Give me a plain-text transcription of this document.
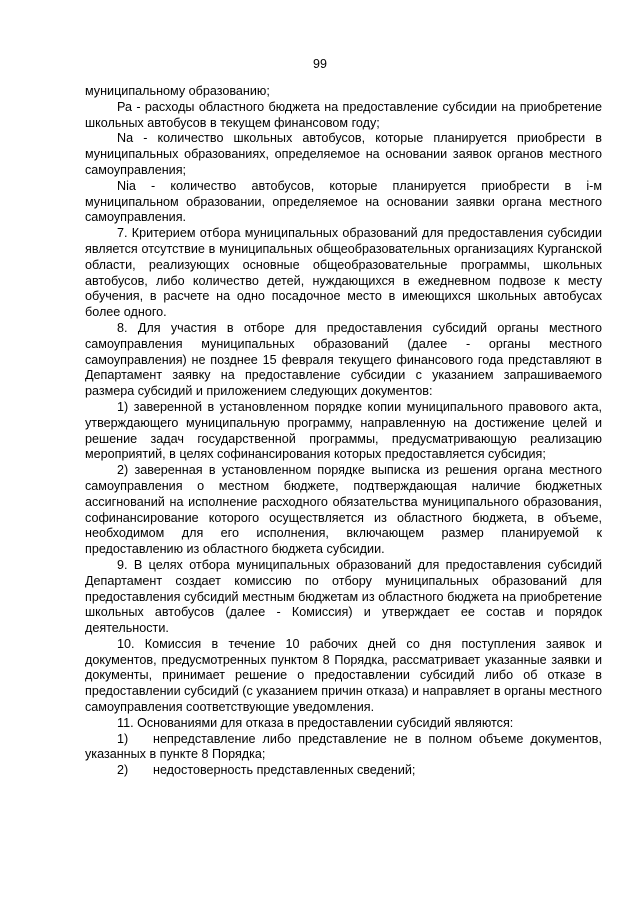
99

муниципальному образованию;

Ра - расходы областного бюджета на предоставление субсидии на приобретение школьных автобусов в текущем финансовом году;

Na - количество школьных автобусов, которые планируется приобрести в муниципальных образованиях, определяемое на основании заявок органов местного самоуправления;

Nia - количество автобусов, которые планируется приобрести в i-м муниципальном образовании, определяемое на основании заявки органа местного самоуправления.

7. Критерием отбора муниципальных образований для предоставления субсидии является отсутствие в муниципальных общеобразовательных организациях Курганской области, реализующих основные общеобразовательные программы, школьных автобусов, либо количество детей, нуждающихся в ежедневном подвозе к месту обучения, в расчете на одно посадочное место в имеющихся школьных автобусах более одного.

8. Для участия в отборе для предоставления субсидий органы местного самоуправления муниципальных образований (далее - органы местного самоуправления) не позднее 15 февраля текущего финансового года представляют в Департамент заявку на предоставление субсидии с указанием запрашиваемого размера субсидий и приложением следующих документов:

1) заверенной в установленном порядке копии муниципального правового акта, утверждающего муниципальную программу, направленную на достижение целей и решение задач государственной программы, предусматривающую реализацию мероприятий, в целях софинансирования которых предоставляется субсидия;

2) заверенная в установленном порядке выписка из решения органа местного самоуправления о местном бюджете, подтверждающая наличие бюджетных ассигнований на исполнение расходного обязательства муниципального образования, софинансирование которого осуществляется из областного бюджета, в объеме, необходимом для его исполнения, включающем размер планируемой к предоставлению из областного бюджета субсидии.

9. В целях отбора муниципальных образований для предоставления субсидий Департамент создает комиссию по отбору муниципальных образований для предоставления субсидий местным бюджетам из областного бюджета на приобретение школьных автобусов (далее - Комиссия) и утверждает ее состав и порядок деятельности.

10. Комиссия в течение 10 рабочих дней со дня поступления заявок и документов, предусмотренных пунктом 8 Порядка, рассматривает указанные заявки и документы, принимает решение о предоставлении субсидий либо об отказе в предоставлении субсидий (с указанием причин отказа) и направляет в органы местного самоуправления соответствующие уведомления.

11. Основаниями для отказа в предоставлении субсидий являются:

1) непредставление либо представление не в полном объеме документов, указанных в пункте 8 Порядка;

2) недостоверность представленных сведений;
